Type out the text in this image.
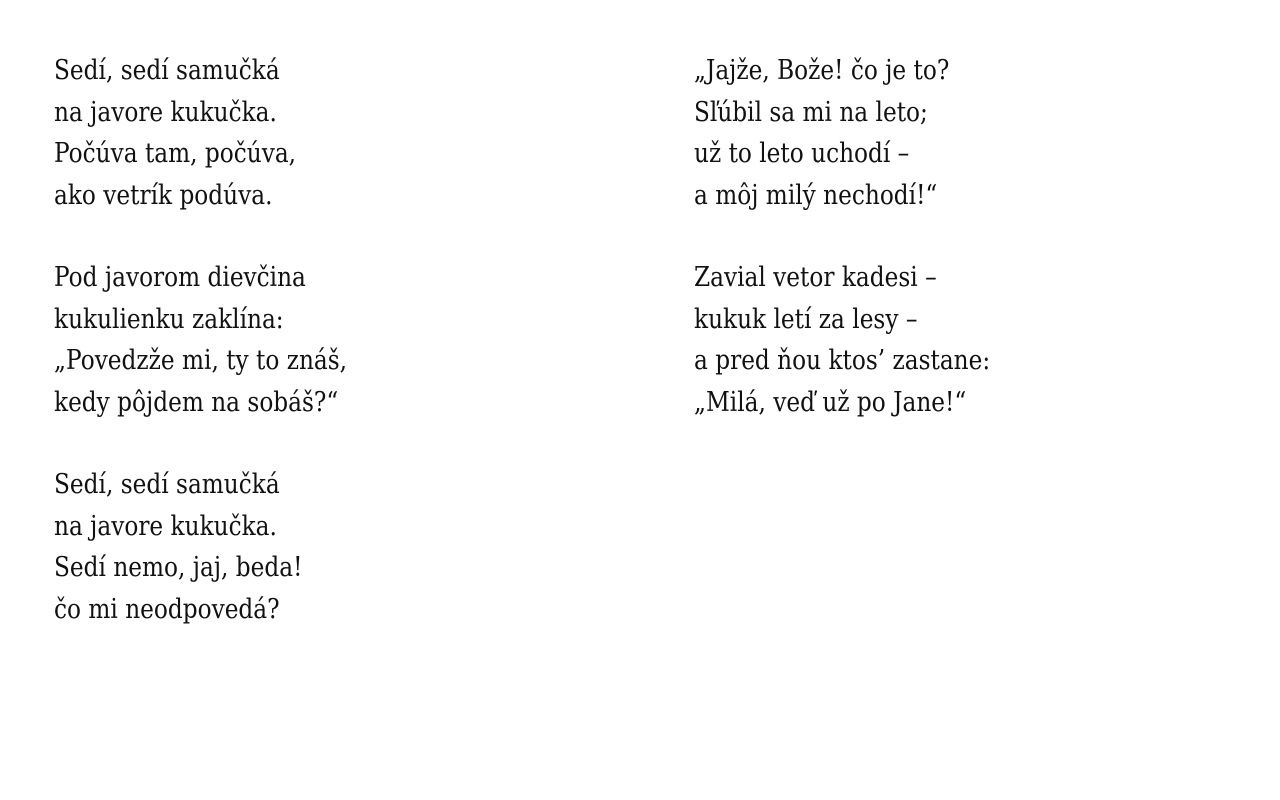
Sedí, sedí samučká
na javore kukučka.
Počúva tam, počúva,
ako vetrík podúva.
Pod javorom dievčina
kukulienku zaklína:
„Povedzže mi, ty to znáš,
kedy pôjdem na sobáš?“
Sedí, sedí samučká
na javore kukučka.
Sedí nemo, jaj, beda!
čo mi neodpovedá?
„Jajže, Bože! čo je to?
Sľúbil sa mi na leto;
už to leto uchodí –
a môj milý nechodí!“
Zavial vetor kadesi –
kukuk letí za lesy –
a pred ňou ktos’ zastane:
„Milá, veď už po Jane!“
